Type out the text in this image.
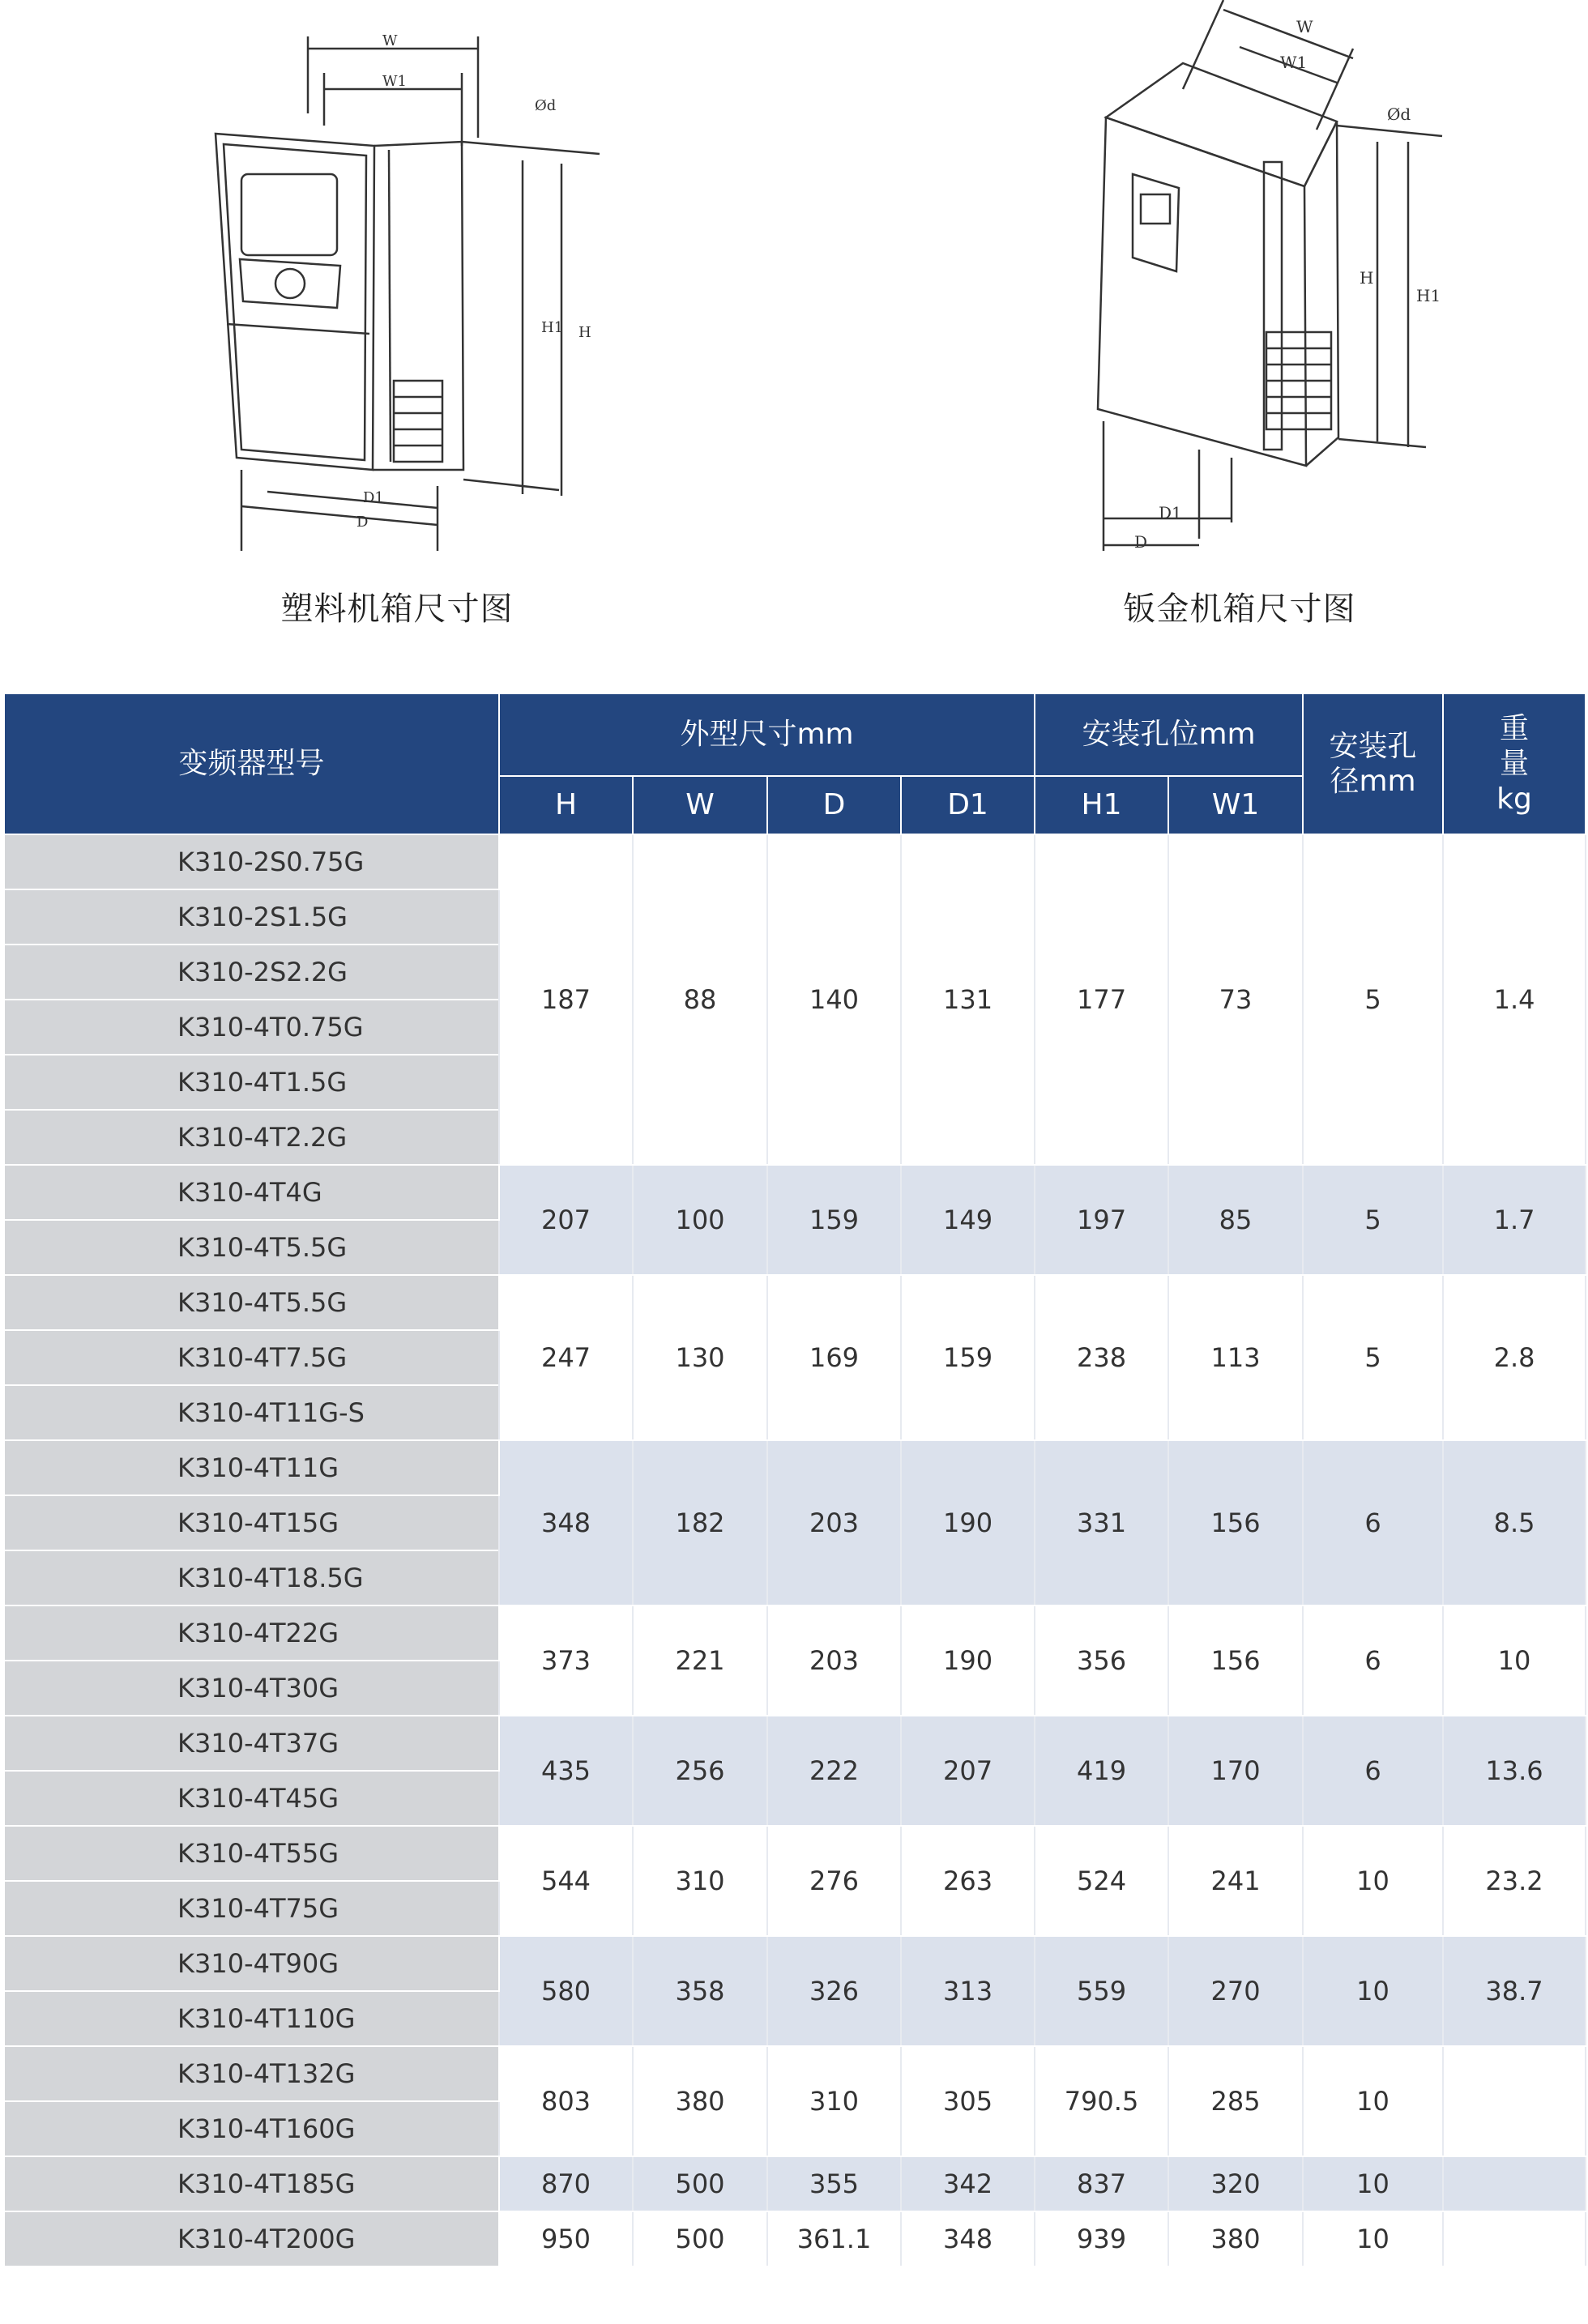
W
W1
Ød
H1 H
D
D1
塑料机箱尺寸图
W
W1
Ød
H
H1
D1
D
钣金机箱尺寸图
变频器型号	外型尺寸mm				安装孔位mm		安装孔径mm	重量kg
	H	W	D	D1	H1	W1		
K310-2S0.75G	187	88	140	131	177	73	5	1.4
K310-2S1.5G								
K310-2S2.2G								
K310-4T0.75G								
K310-4T1.5G								
K310-4T2.2G								
K310-4T4G	207	100	159	149	197	85	5	1.7
K310-4T5.5G								
K310-4T5.5G	247	130	169	159	238	113	5	2.8
K310-4T7.5G								
K310-4T11G-S								
K310-4T11G	348	182	203	190	331	156	6	8.5
K310-4T15G								
K310-4T18.5G								
K310-4T22G	373	221	203	190	356	156	6	10
K310-4T30G								
K310-4T37G	435	256	222	207	419	170	6	13.6
K310-4T45G								
K310-4T55G	544	310	276	263	524	241	10	23.2
K310-4T75G								
K310-4T90G	580	358	326	313	559	270	10	38.7
K310-4T110G								
K310-4T132G	803	380	310	305	790.5	285	10	
K310-4T160G								
K310-4T185G	870	500	355	342	837	320	10	
K310-4T200G	950	500	361.1	348	939	380	10	
